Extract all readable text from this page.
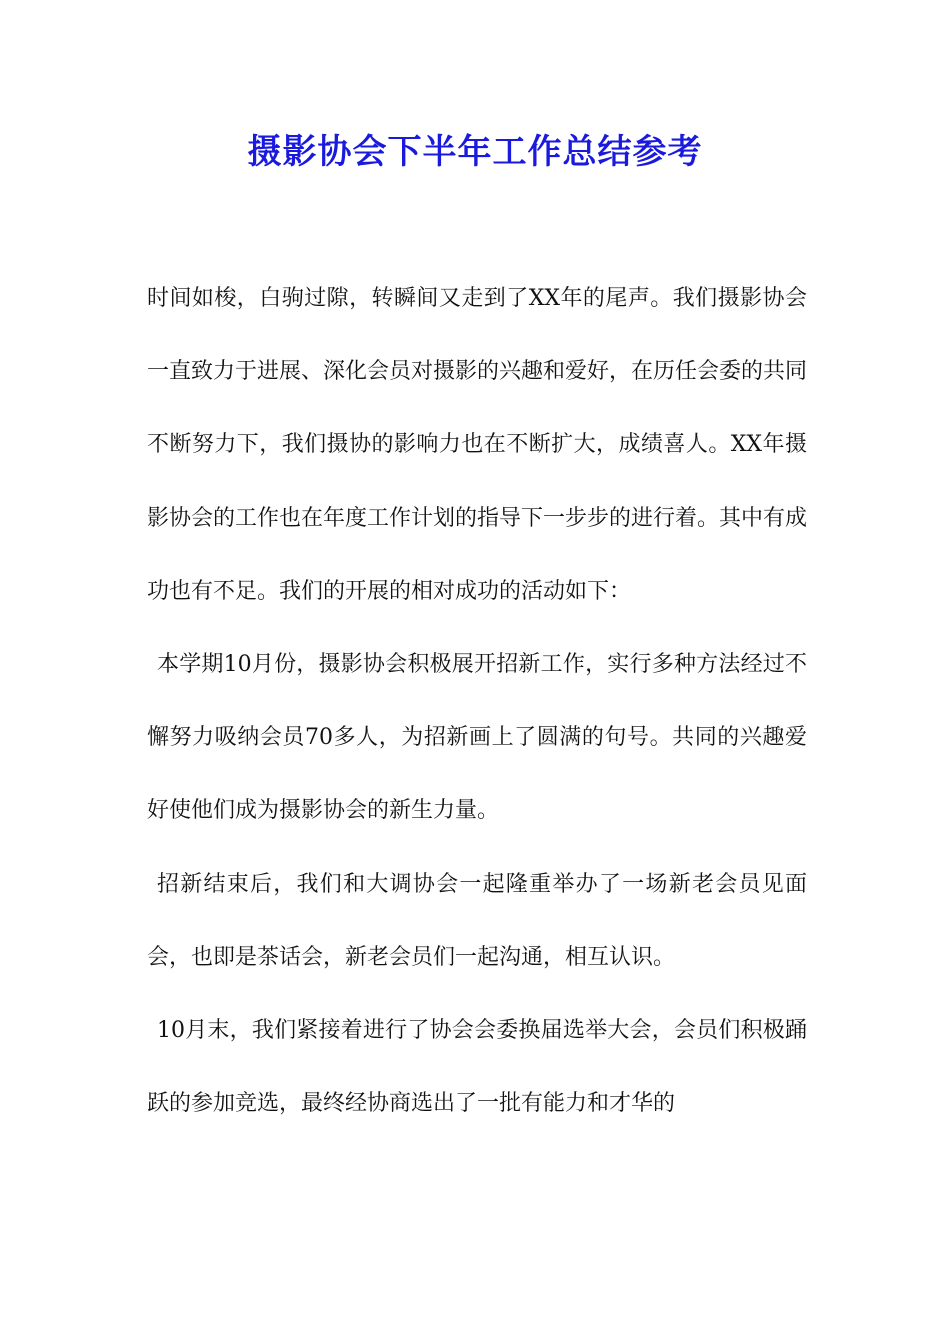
摄影协会下半年工作总结参考

时间如梭，白驹过隙，转瞬间又走到了XX年的尾声。我们摄影协会一直致力于进展、深化会员对摄影的兴趣和爱好，在历任会委的共同不断努力下，我们摄协的影响力也在不断扩大，成绩喜人。XX年摄影协会的工作也在年度工作计划的指导下一步步的进行着。其中有成功也有不足。我们的开展的相对成功的活动如下：

本学期10月份，摄影协会积极展开招新工作，实行多种方法经过不懈努力吸纳会员70多人，为招新画上了圆满的句号。共同的兴趣爱好使他们成为摄影协会的新生力量。

招新结束后，我们和大调协会一起隆重举办了一场新老会员见面会，也即是茶话会，新老会员们一起沟通，相互认识。

10月末，我们紧接着进行了协会会委换届选举大会，会员们积极踊跃的参加竞选，最终经协商选出了一批有能力和才华的
